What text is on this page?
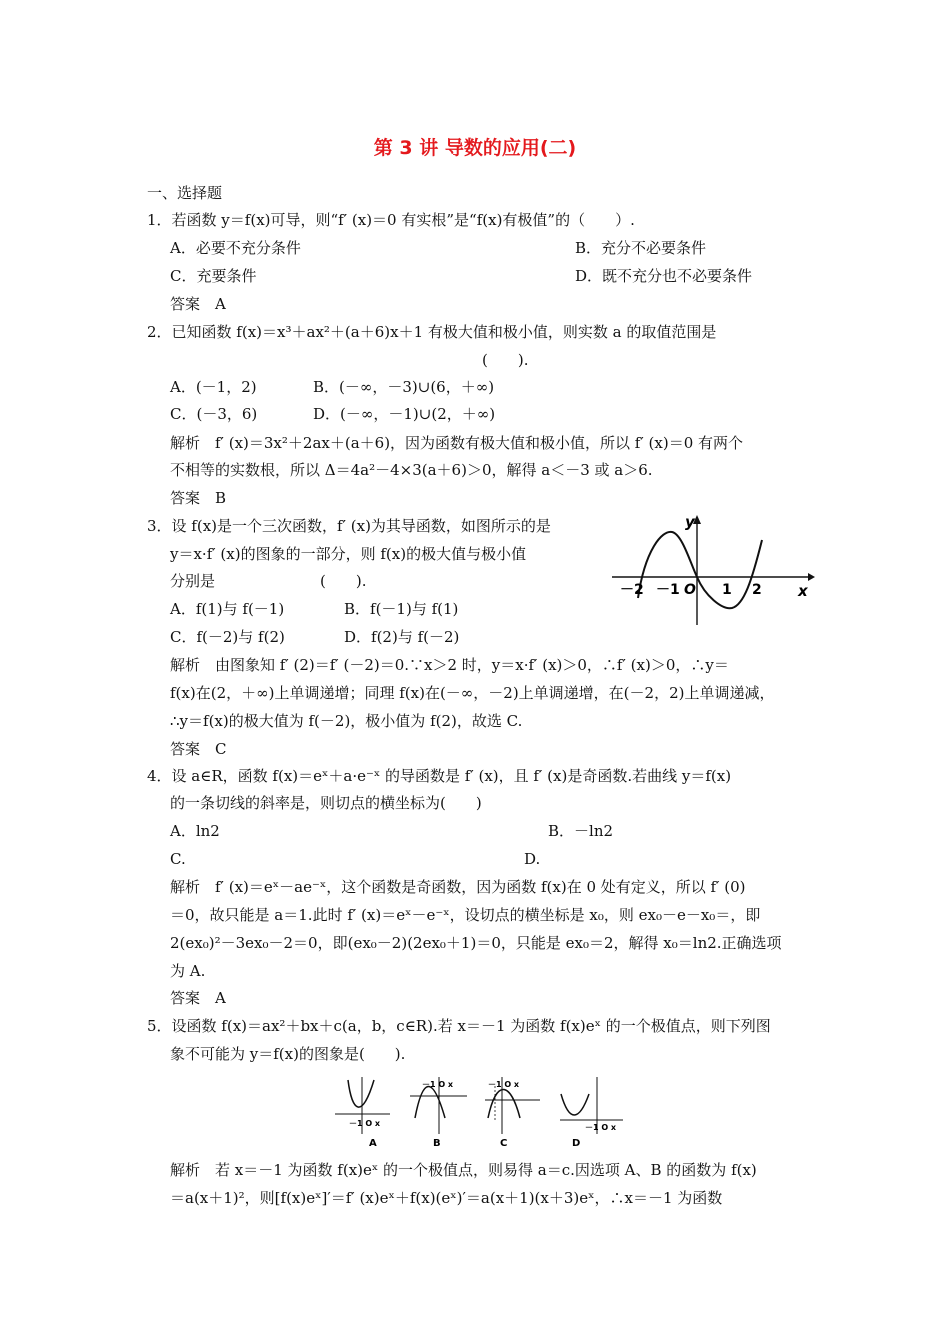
第 3 讲 导数的应用(二)
一、选择题
1．若函数 y＝f(x)可导，则“f′ (x)＝0 有实根”是“f(x)有极值”的（　　）.
A．必要不充分条件	B．充分不必要条件
C．充要条件	D．既不充分也不必要条件
答案　A
2．已知函数 f(x)＝x³＋ax²＋(a＋6)x＋1 有极大值和极小值，则实数 a 的取值范围是
(　　).
A．(－1，2)	B．(－∞，－3)∪(6，＋∞)
C．(－3，6)	D．(－∞，－1)∪(2，＋∞)
解析　f′ (x)＝3x²＋2ax＋(a＋6)，因为函数有极大值和极小值，所以 f′ (x)＝0 有两个
不相等的实数根，所以 Δ＝4a²－4×3(a＋6)＞0，解得 a＜－3 或 a＞6.
答案　B
3．设 f(x)是一个三次函数，f′ (x)为其导函数，如图所示的是
y＝x·f′ (x)的图象的一部分，则 f(x)的极大值与极小值
分别是　　　　　　　(　　).
A．f(1)与 f(－1)	B．f(－1)与 f(1)
C．f(－2)与 f(2)	D．f(2)与 f(－2)
解析　由图象知 f′ (2)＝f′ (－2)＝0.∵x＞2 时，y＝x·f′ (x)＞0，∴f′ (x)＞0，∴y＝
f(x)在(2，＋∞)上单调递增；同理 f(x)在(－∞，－2)上单调递增，在(－2，2)上单调递减，
∴y＝f(x)的极大值为 f(－2)，极小值为 f(2)，故选 C.
答案　C
y
x
－2 －1 O 1 2
4．设 a∈R，函数 f(x)＝eˣ＋a·e⁻ˣ 的导函数是 f′ (x)，且 f′ (x)是奇函数.若曲线 y＝f(x)
的一条切线的斜率是，则切点的横坐标为(　　)
A．ln2	B．－ln2
C.	D.
解析　f′ (x)＝eˣ－ae⁻ˣ，这个函数是奇函数，因为函数 f(x)在 0 处有定义，所以 f′ (0)
＝0，故只能是 a＝1.此时 f′ (x)＝eˣ－e⁻ˣ，设切点的横坐标是 x₀，则 ex₀－e－x₀＝，即
2(ex₀)²－3ex₀－2＝0，即(ex₀－2)(2ex₀＋1)＝0，只能是 ex₀＝2，解得 x₀＝ln2.正确选项
为 A.
答案　A
5．设函数 f(x)＝ax²＋bx＋c(a，b，c∈R).若 x＝－1 为函数 f(x)eˣ 的一个极值点，则下列图
象不可能为 y＝f(x)的图象是(　　).
－1 O x
A
－1 O x
B
－1 O x
C
－1 O x
D
解析　若 x＝－1 为函数 f(x)eˣ 的一个极值点，则易得 a＝c.因选项 A、B 的函数为 f(x)
＝a(x＋1)²，则[f(x)eˣ]′＝f′ (x)eˣ＋f(x)(eˣ)′＝a(x＋1)(x＋3)eˣ，∴x＝－1 为函数
